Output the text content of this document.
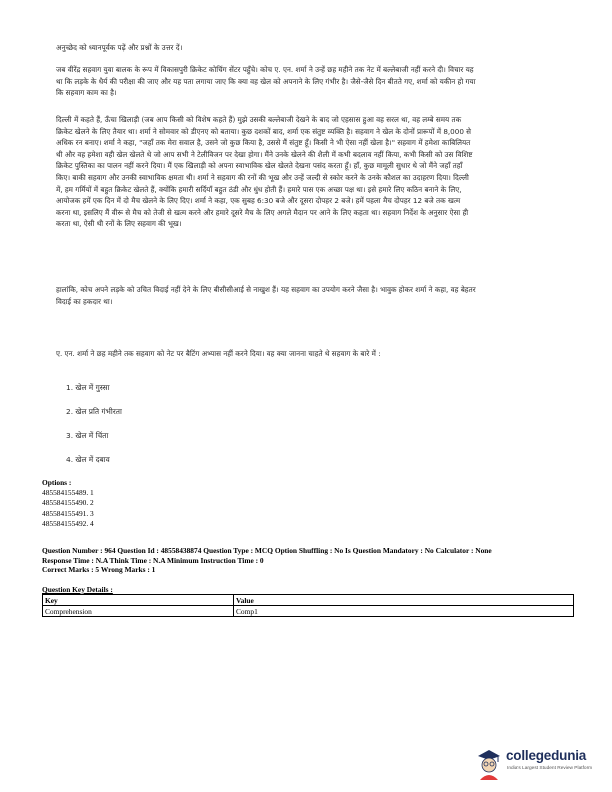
अनुच्छेद को ध्यानपूर्वक पढ़ें और प्रश्नों के उत्तर दें।

जब वीरेंद्र सहवाग युवा बालक के रूप में विकासपुरी क्रिकेट कोचिंग सेंटर पहुँचे। कोच ए. एन. शर्मा ने उन्हें छह महीने तक नेट में बल्लेबाजी नहीं करने दी। विचार यह था कि लड़के के धैर्य की परीक्षा की जाए और यह पता लगाया जाए कि क्या वह खेल को अपनाने के लिए गंभीर है। जैसे-जैसे दिन बीतते गए, शर्मा को यकीन हो गया कि सहवाग काम का है।

दिल्ली में कहते हैं, ऊँचा खिलाड़ी (जब आप किसी को विशेष कहते हैं) मुझे उसकी बल्लेबाजी देखने के बाद जो एहसास हुआ वह सरल था, वह लम्बे समय तक क्रिकेट खेलने के लिए तैयार था। शर्मा ने सोमवार को डीएनए को बताया। कुछ दशकों बाद, शर्मा एक संतुष्ट व्यक्ति है। सहवाग ने खेल के दोनों प्रारूपों में 8,000 से अधिक रन बनाए। शर्मा ने कहा, "जहाँ तक मेरा सवाल है, उसने जो कुछ किया है, उससे मैं संतुष्ट हूँ। किसी ने भी ऐसा नहीं खेला है।" सहवाग में हमेशा काबिलियत थी और वह हमेशा वही खेल खेलते थे जो आप सभी ने टेलीविजन पर देखा होगा। मैंने उनके खेलने की शैली में कभी बदलाव नहीं किया, कभी किसी को उस विशिष्ट क्रिकेट पुस्तिका का पालन नहीं करने दिया। मैं एक खिलाड़ी को अपना स्वाभाविक खेल खेलते देखना पसंद करता हूँ। हाँ, कुछ मामूली सुधार थे जो मैंने जहाँ तहाँ किए। बाकी सहवाग और उनकी स्वाभाविक क्षमता थी। शर्मा ने सहवाग की रनों की भूख और उन्हें जल्दी से स्कोर करने के उनके कौशल का उदाहरण दिया। दिल्ली में, हम गर्मियों में बहुत क्रिकेट खेलते हैं, क्योंकि हमारी सर्दियाँ बहुत ठंडी और धुंध होती हैं। हमारे पास एक अच्छा पक्ष था। इसे हमारे लिए कठिन बनाने के लिए, आयोजक हमें एक दिन में दो मैच खेलने के लिए दिए। शर्मा ने कहा, एक सुबह 6:30 बजे और दूसरा दोपहर 2 बजे। हमें पहला मैच दोपहर 12 बजे तक खत्म करना था, इसलिए मैं वीरू से मैच को तेजी से खत्म करने और हमारे दूसरे मैच के लिए अगले मैदान पर आने के लिए कहता था। सहवाग निर्देश के अनुसार ऐसा ही करता था, ऐसी थी रनों के लिए सहवाग की भूख।

हालांकि, कोच अपने लड़के को उचित विदाई नहीं देने के लिए बीसीसीआई से नाखुश हैं। यह सहवाग का उपयोग करने जैसा है। भावुक होकर शर्मा ने कहा, वह बेहतर विदाई का हकदार था।

ए. एन. शर्मा ने छह महीने तक सहवाग को नेट पर बैटिंग अभ्यास नहीं करने दिया। वह क्या जानना चाहते थे सहवाग के बारे में :
1. खेल में गुस्सा
2. खेल प्रति गंभीरता
3. खेल में चिंता
4. खेल में दबाव
Options :
485584155489. 1
485584155490. 2
485584155491. 3
485584155492. 4
Question Number : 964 Question Id : 48558438874 Question Type : MCQ Option Shuffling : No Is Question Mandatory : No Calculator : None
Response Time : N.A Think Time : N.A Minimum Instruction Time : 0
Correct Marks : 5 Wrong Marks : 1
Question Key Details :
Key	Value
Comprehension	Comp1
collegedunia
India's Largest Student Review Platform
